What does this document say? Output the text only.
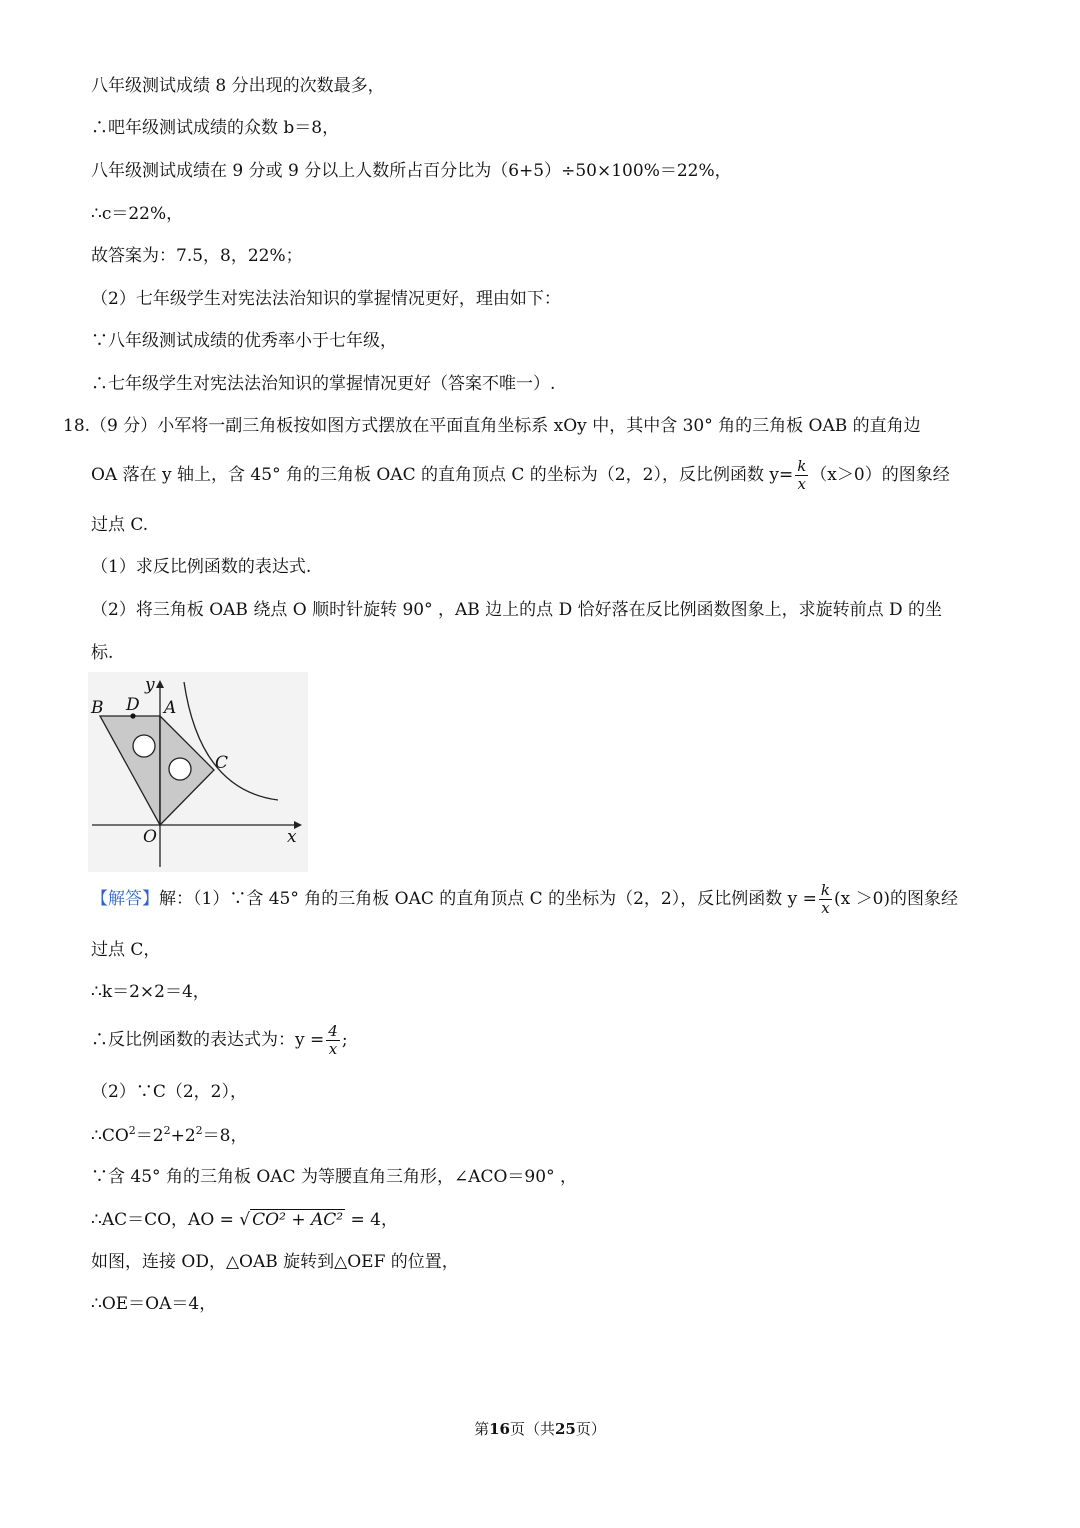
八年级测试成绩 8 分出现的次数最多，
∴吧年级测试成绩的众数 b＝8，
八年级测试成绩在 9 分或 9 分以上人数所占百分比为（6+5）÷50×100%＝22%，
∴c＝22%，
故答案为：7.5，8，22%；
（2）七年级学生对宪法法治知识的掌握情况更好，理由如下：
∵八年级测试成绩的优秀率小于七年级，
∴七年级学生对宪法法治知识的掌握情况更好（答案不唯一）.
18.（9 分）小军将一副三角板按如图方式摆放在平面直角坐标系 xOy 中，其中含 30° 角的三角板 OAB 的直角边
OA 落在 y 轴上，含 45° 角的三角板 OAC 的直角顶点 C 的坐标为（2，2），反比例函数 $y= \frac{k}{x} (x>0)$的图象经
过点 C.
（1）求反比例函数的表达式.
（2）将三角板 OAB 绕点 O 顺时针旋转 90° ，AB 边上的点 D 恰好落在反比例函数图象上，求旋转前点 D 的坐
标.
B D A
C
O	x
y
【解答】解：（1）∵含 45° 角的三角板 OAC 的直角顶点 C 的坐标为（2，2），反比例函数 $y = \frac{k}{x} (x >0)$的图象经
过点 C，
∴k＝2×2＝4，
∴反比例函数的表达式为：$y = \frac{4}{x}$ ;
（2）∵C（2，2），
$\therefore CO^2=2^2+2^2=8$，
∵含 45° 角的三角板 OAC 为等腰直角三角形，∠ACO＝90° ，
∴AC＝CO，AO = √ CO² + AC² = 4，
如图，连接 OD，△OAB 旋转到△OEF 的位置，
∴OE＝OA＝4，
第16页（共25页）
